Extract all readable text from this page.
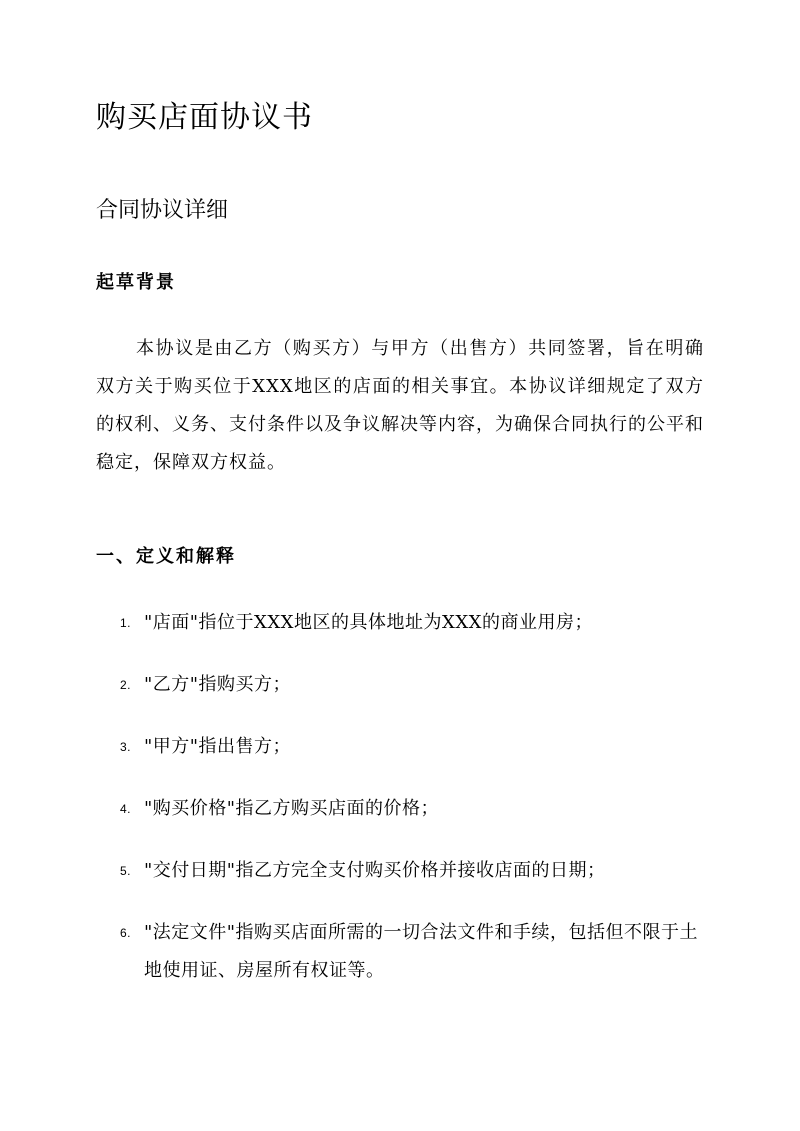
购买店面协议书
合同协议详细
起草背景

本协议是由乙方（购买方）与甲方（出售方）共同签署，旨在明确双方关于购买位于XXX地区的店面的相关事宜。本协议详细规定了双方的权利、义务、支付条件以及争议解决等内容，为确保合同执行的公平和稳定，保障双方权益。

一、定义和解释
1. "店面"指位于XXX地区的具体地址为XXX的商业用房；
2. "乙方"指购买方；
3. "甲方"指出售方；
4. "购买价格"指乙方购买店面的价格；
5. "交付日期"指乙方完全支付购买价格并接收店面的日期；
6. "法定文件"指购买店面所需的一切合法文件和手续，包括但不限于土地使用证、房屋所有权证等。
